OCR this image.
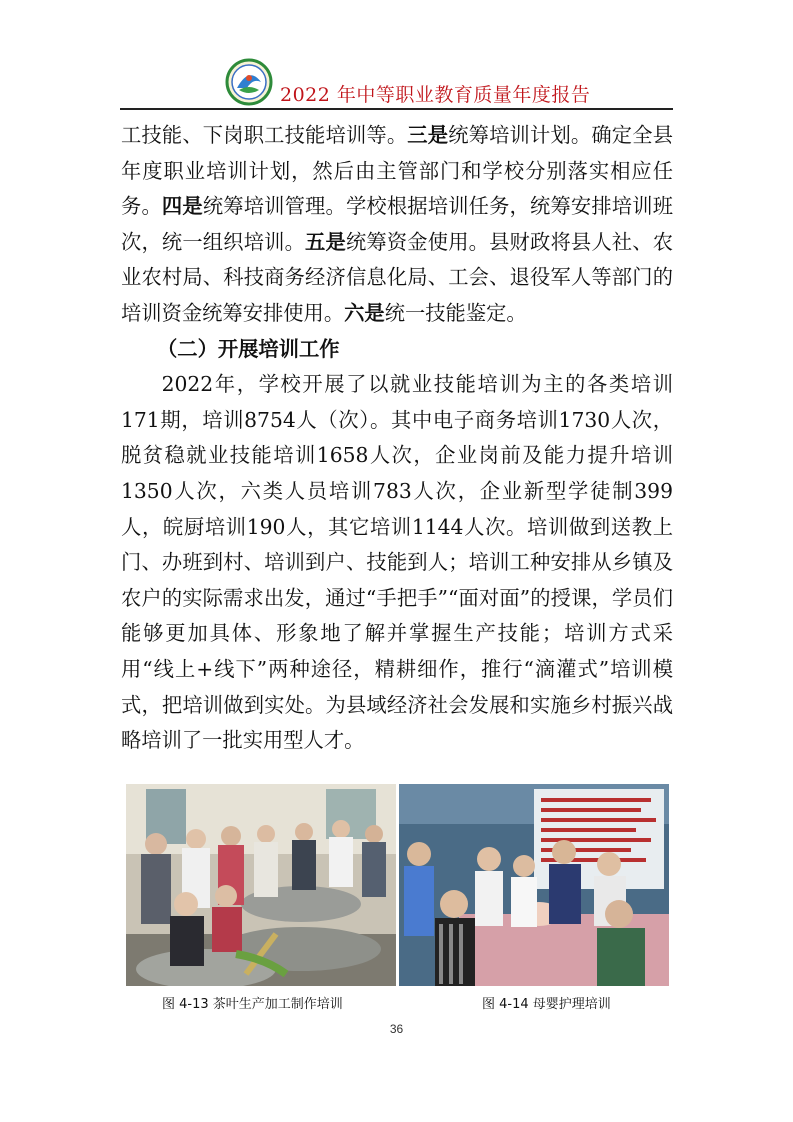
2022 年中等职业教育质量年度报告

工技能、下岗职工技能培训等。三是统筹培训计划。确定全县年度职业培训计划，然后由主管部门和学校分别落实相应任务。四是统筹培训管理。学校根据培训任务，统筹安排培训班次，统一组织培训。五是统筹资金使用。县财政将县人社、农业农村局、科技商务经济信息化局、工会、退役军人等部门的培训资金统筹安排使用。六是统一技能鉴定。

（二）开展培训工作

2022年，学校开展了以就业技能培训为主的各类培训171期，培训8754人（次）。其中电子商务培训1730人次，脱贫稳就业技能培训1658人次，企业岗前及能力提升培训1350人次，六类人员培训783人次，企业新型学徒制399人，皖厨培训190人，其它培训1144人次。培训做到送教上门、办班到村、培训到户、技能到人；培训工种安排从乡镇及农户的实际需求出发，通过“手把手”“面对面”的授课，学员们能够更加具体、形象地了解并掌握生产技能；培训方式采用“线上+线下”两种途径，精耕细作，推行“滴灌式”培训模式，把培训做到实处。为县域经济社会发展和实施乡村振兴战略培训了一批实用型人才。

图 4-13 茶叶生产加工制作培训	图 4-14 母婴护理培训
36
